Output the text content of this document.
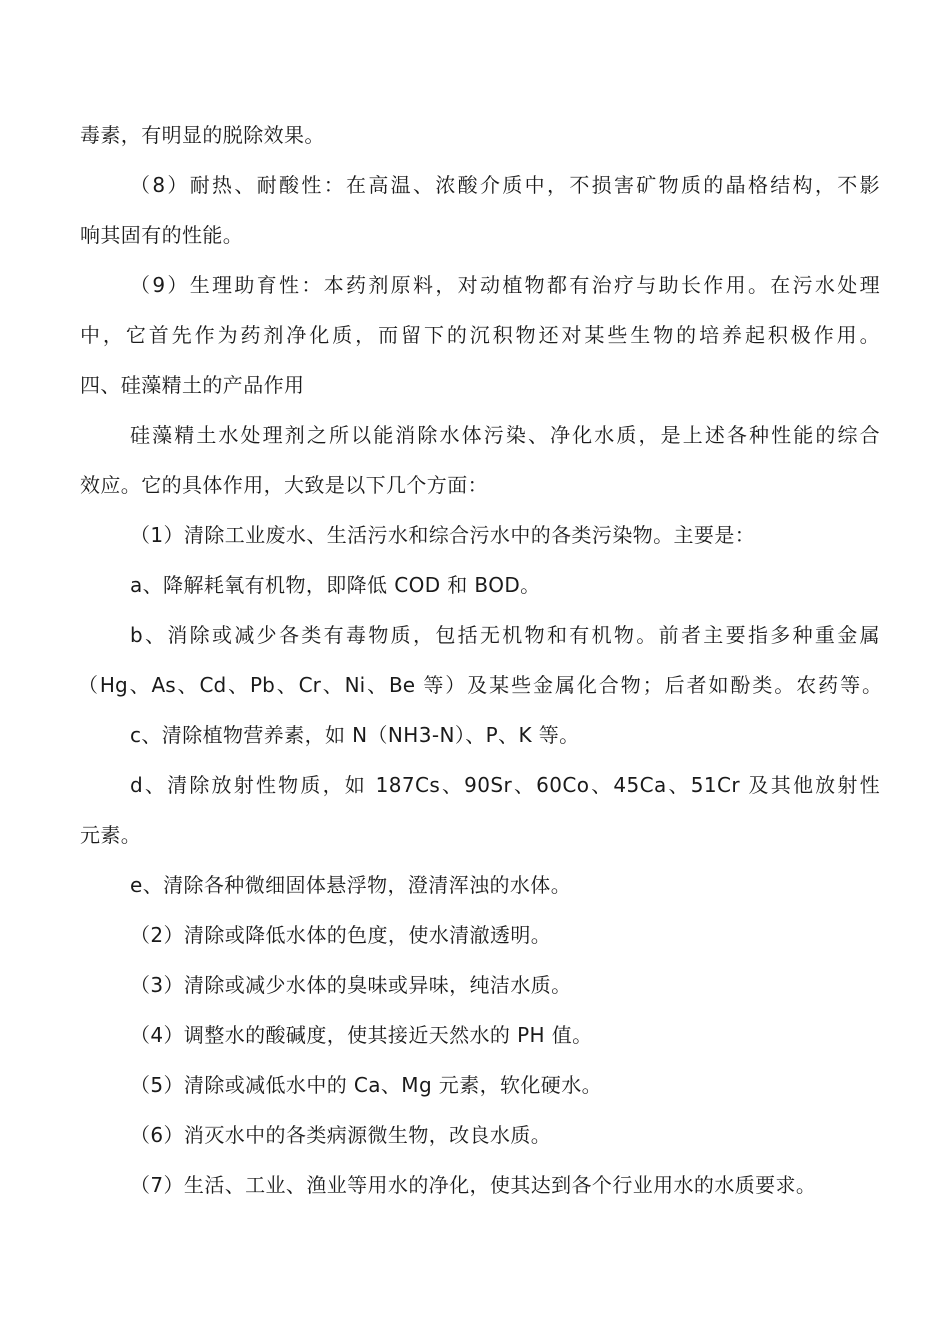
毒素，有明显的脱除效果。
（8）耐热、耐酸性：在高温、浓酸介质中，不损害矿物质的晶格结构，不影
响其固有的性能。
（9）生理助育性：本药剂原料，对动植物都有治疗与助长作用。在污水处理
中，它首先作为药剂净化质，而留下的沉积物还对某些生物的培养起积极作用。
四、硅藻精土的产品作用
硅藻精土水处理剂之所以能消除水体污染、净化水质，是上述各种性能的综合
效应。它的具体作用，大致是以下几个方面：
（1）清除工业废水、生活污水和综合污水中的各类污染物。主要是：
a、降解耗氧有机物，即降低 COD 和 BOD。
b、消除或减少各类有毒物质，包括无机物和有机物。前者主要指多种重金属
（Hg、As、Cd、Pb、Cr、Ni、Be 等）及某些金属化合物；后者如酚类。农药等。
c、清除植物营养素，如 N（NH3-N）、P、K 等。
d、清除放射性物质，如 187Cs、90Sr、60Co、45Ca、51Cr 及其他放射性
元素。
e、清除各种微细固体悬浮物，澄清浑浊的水体。
（2）清除或降低水体的色度，使水清澈透明。
（3）清除或减少水体的臭味或异味，纯洁水质。
（4）调整水的酸碱度，使其接近天然水的 PH 值。
（5）清除或减低水中的 Ca、Mg 元素，软化硬水。
（6）消灭水中的各类病源微生物，改良水质。
（7）生活、工业、渔业等用水的净化，使其达到各个行业用水的水质要求。
